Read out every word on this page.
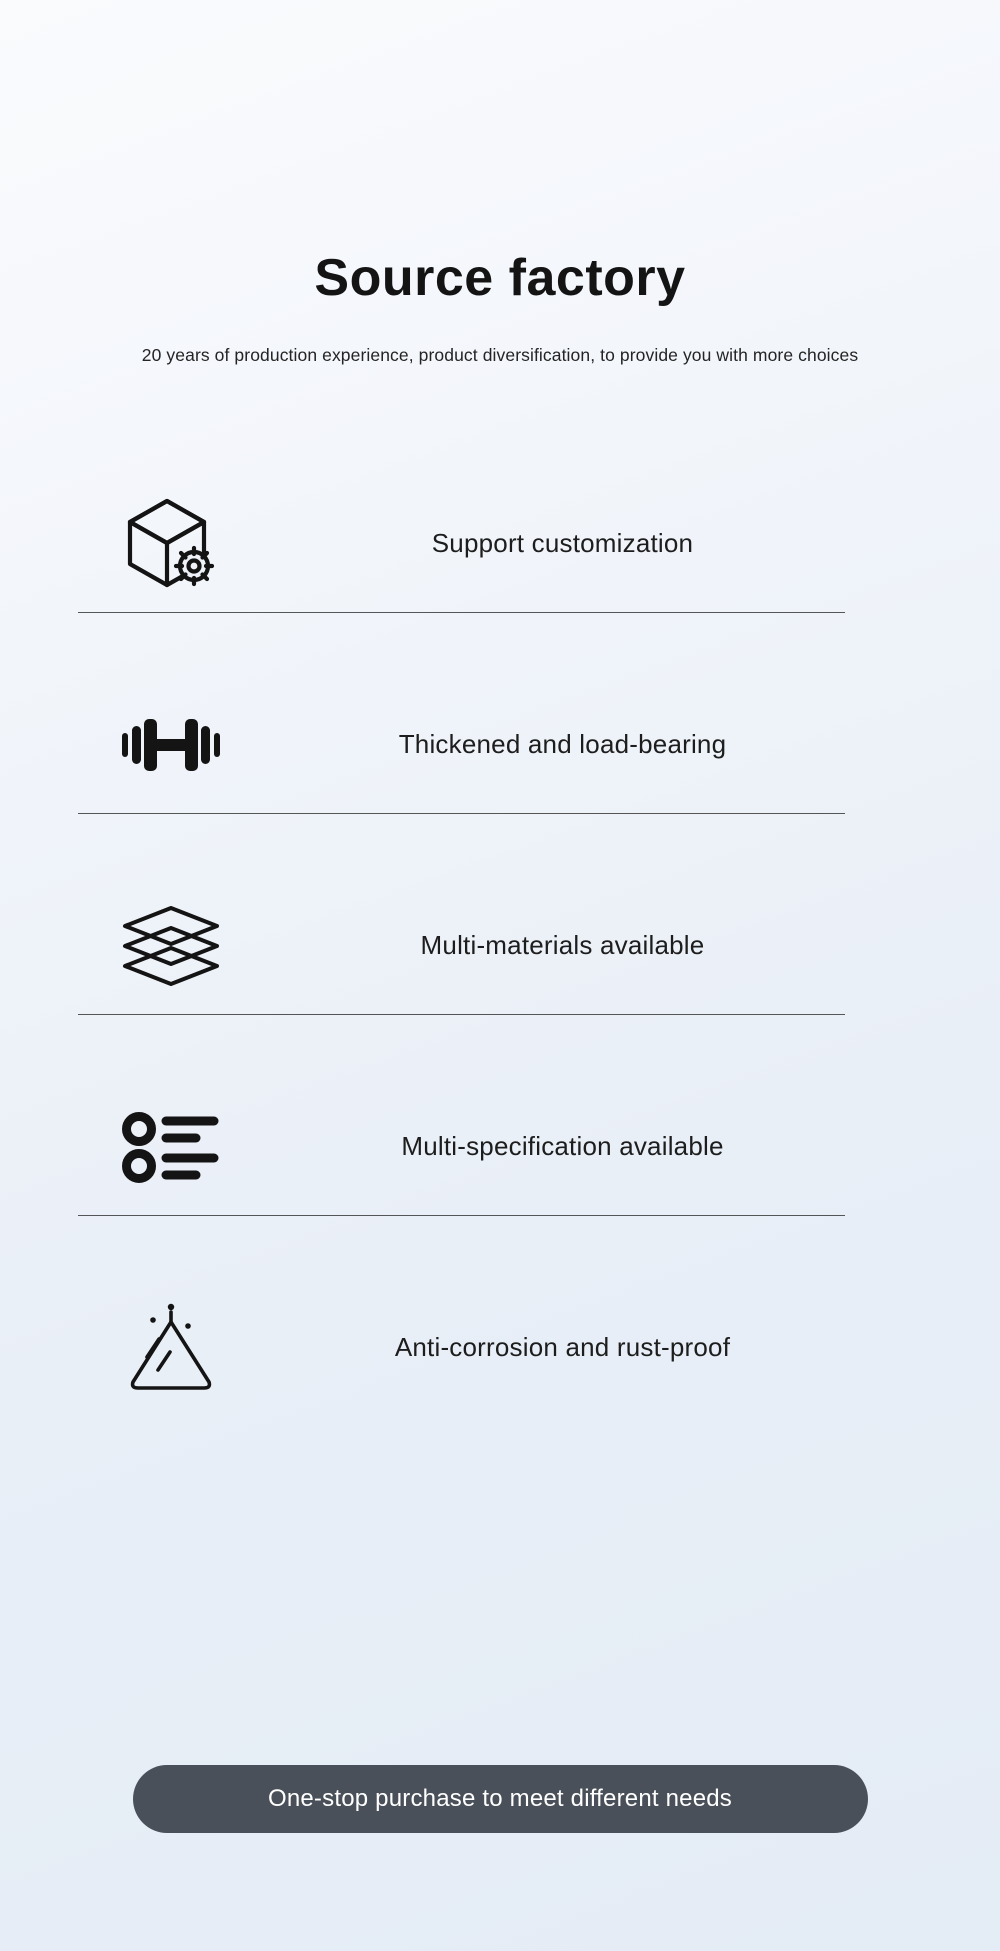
Source factory

20 years of production experience, product diversification, to provide you with more choices

Support customization
Thickened and load-bearing
Multi-materials available
Multi-specification available
Anti-corrosion and rust-proof
One-stop purchase to meet different needs
